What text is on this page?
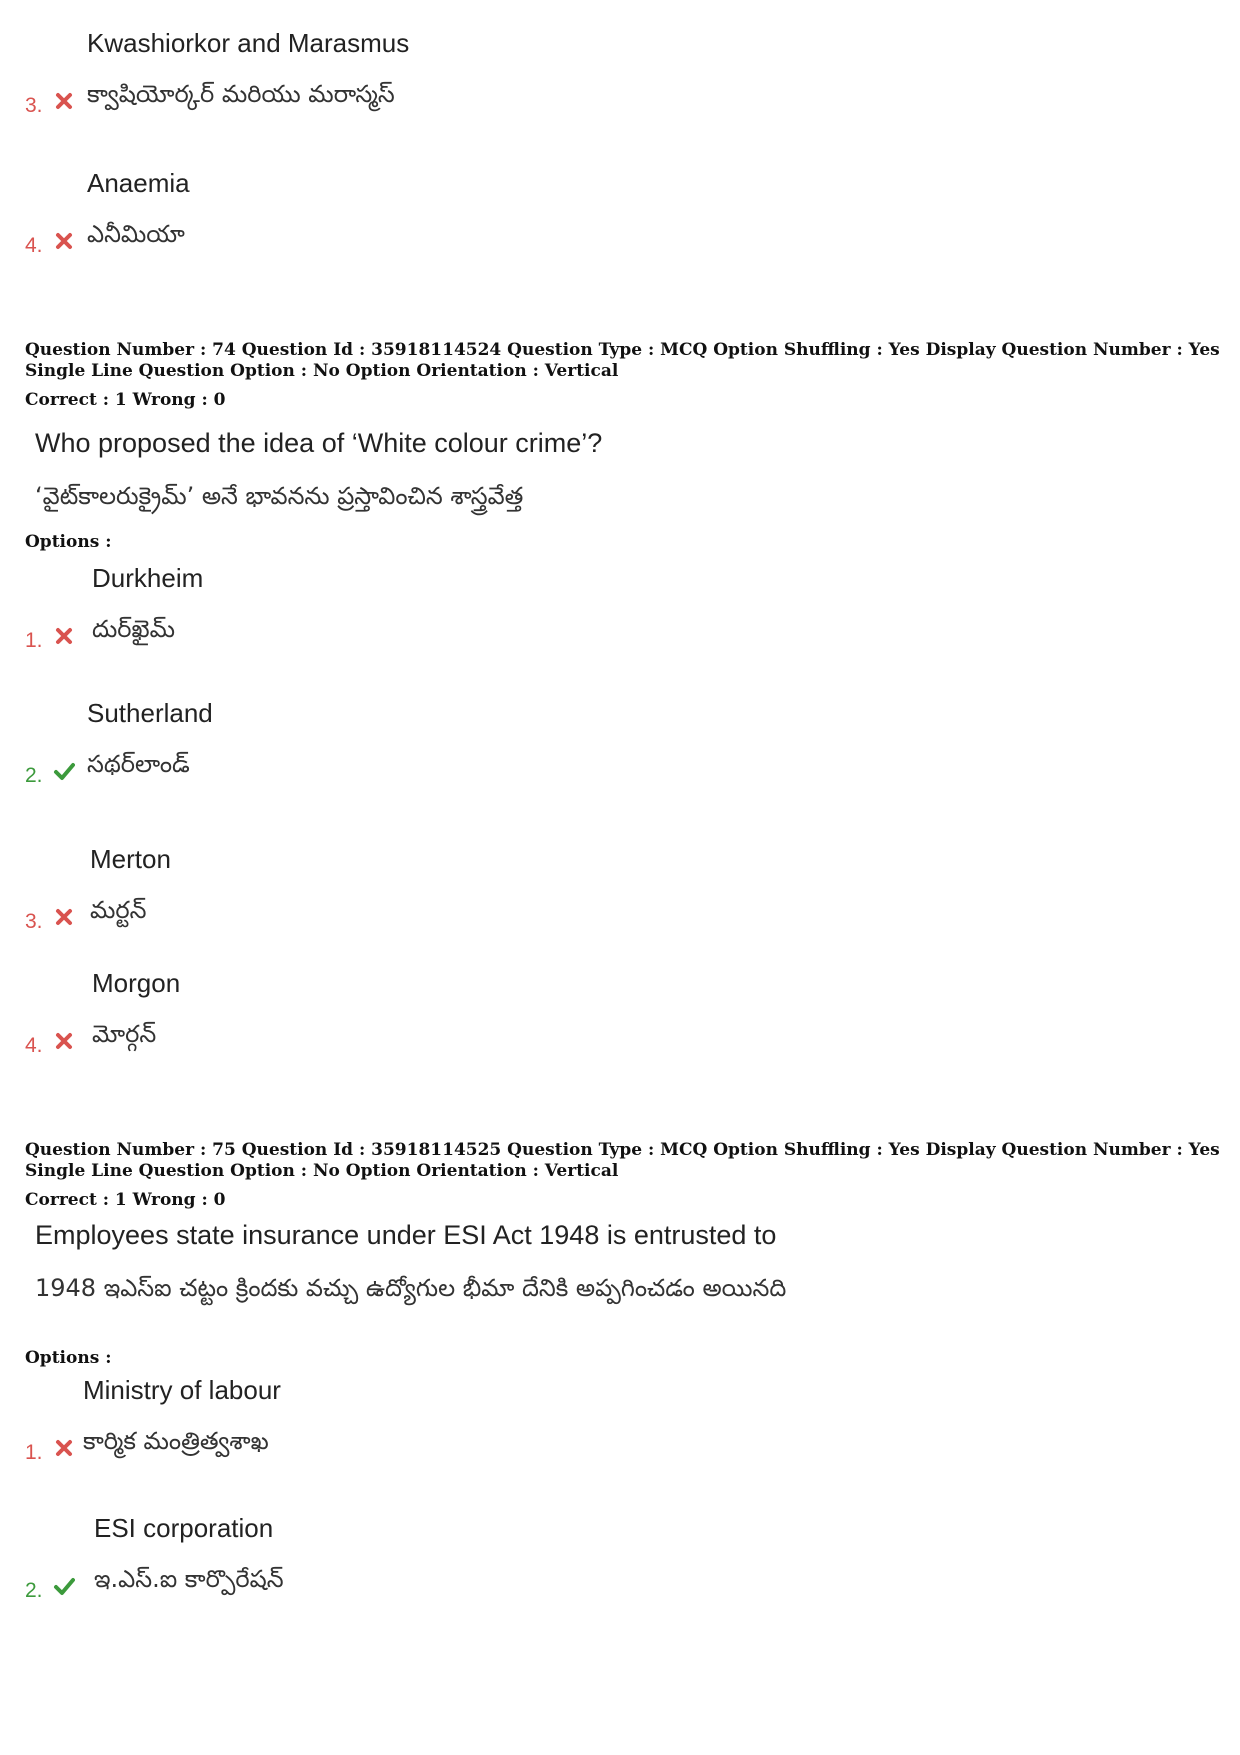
Kwashiorkor and Marasmus
క్వాషియోర్కర్ మరియు మరాస్మస్
3.
Anaemia
ఎనీమియా
4.
Question Number : 74 Question Id : 35918114524 Question Type : MCQ Option Shuffling : Yes Display Question Number : Yes
Single Line Question Option : No Option Orientation : Vertical
Correct : 1 Wrong : 0
Who proposed the idea of ‘White colour crime’?
‘వైట్‌కాలరుక్రైమ్’ అనే భావనను ప్రస్తావించిన శాస్త్రవేత్త
Options :
Durkheim
దుర్‌ఖైమ్
1.
Sutherland
సథర్‌లాండ్
2.
Merton
మర్టన్
3.
Morgon
మోర్గన్
4.
Question Number : 75 Question Id : 35918114525 Question Type : MCQ Option Shuffling : Yes Display Question Number : Yes
Single Line Question Option : No Option Orientation : Vertical
Correct : 1 Wrong : 0
Employees state insurance under ESI Act 1948 is entrusted to
1948 ఇఎస్ఐ చట్టం క్రిందకు వచ్చు ఉద్యోగుల భీమా దేనికి అప్పగించడం అయినది
Options :
Ministry of labour
కార్మిక మంత్రిత్వశాఖ
1.
ESI corporation
ఇ.ఎస్.ఐ కార్పొరేషన్
2.
